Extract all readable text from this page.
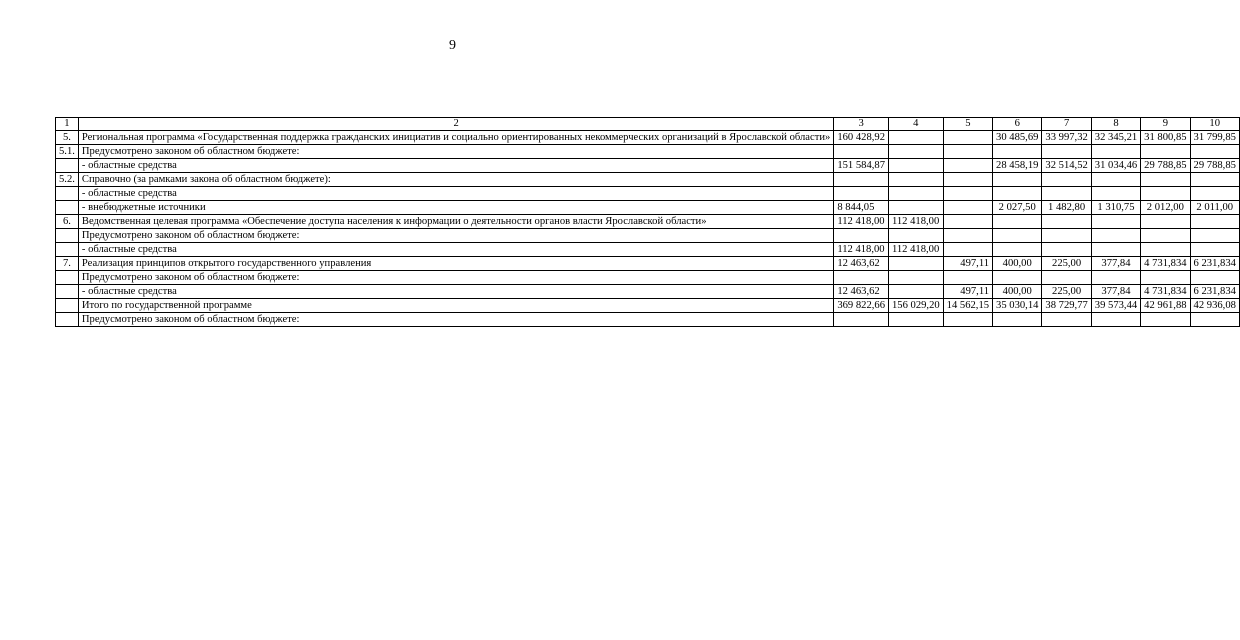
9
1	2	3	4	5	6	7	8	9	10
5.	Региональная программа «Государственная поддержка гражданских инициатив и социально ориентированных некоммерческих организаций в Ярославской области»	160 428,92			30 485,69	33 997,32	32 345,21	31 800,85	31 799,85
5.1.	Предусмотрено законом об областном бюджете:								
	- областные средства	151 584,87			28 458,19	32 514,52	31 034,46	29 788,85	29 788,85
5.2.	Справочно (за рамками закона об областном бюджете):								
	- областные средства								
	- внебюджетные источники	8 844,05			2 027,50	1 482,80	1 310,75	2 012,00	2 011,00
6.	Ведомственная целевая программа «Обеспечение доступа населения к информации о деятельности органов власти Ярославской области»	112 418,00	112 418,00						
	Предусмотрено законом об областном бюджете:								
	- областные средства	112 418,00	112 418,00						
7.	Реализация принципов открытого государственного управления	12 463,62		497,11	400,00	225,00	377,84	4 731,834	6 231,834
	Предусмотрено законом об областном бюджете:								
	- областные средства	12 463,62		497,11	400,00	225,00	377,84	4 731,834	6 231,834
	Итого по государственной программе	369 822,66	156 029,20	14 562,15	35 030,14	38 729,77	39 573,44	42 961,88	42 936,08
	Предусмотрено законом об областном бюджете:								
